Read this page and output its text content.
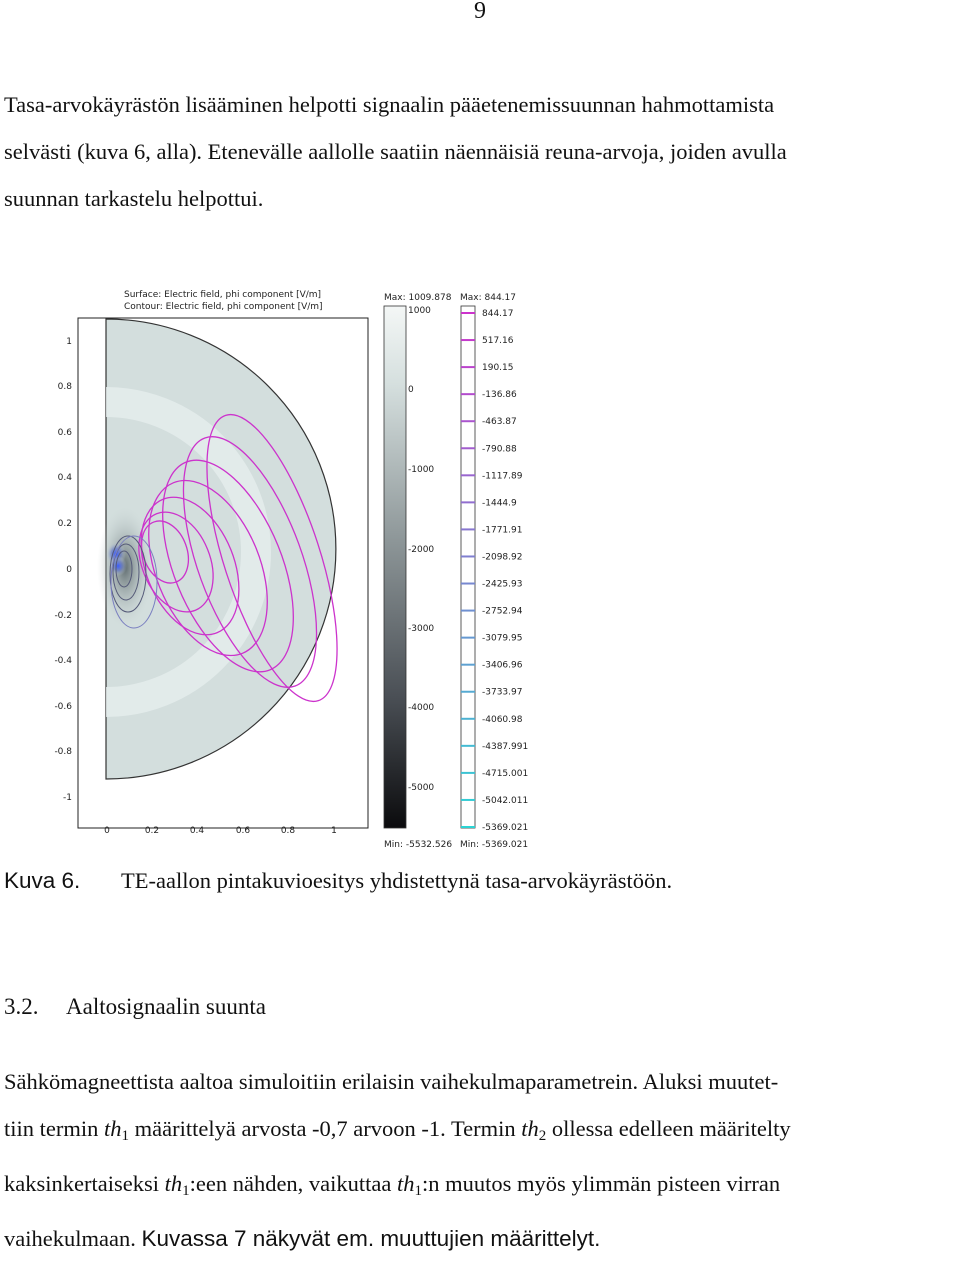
9

Tasa-arvokäyrästön lisääminen helpotti signaalin pääetenemissuunnan hahmottamista

selvästi (kuva 6, alla). Etenevälle aallolle saatiin näennäisiä reuna-arvoja, joiden avulla

suunnan tarkastelu helpottui.

Surface: Electric field, phi component [V/m]
Contour: Electric field, phi component [V/m]
1
0.8
0.6
0.4
0.2
0
-0.2
-0.4
-0.6
-0.8
-1
0	0.2	0.4	0.6	0.8	1
Max: 1009.878
1000
0
-1000
-2000
-3000
-4000
-5000
Min: -5532.526
Max: 844.17
844.17
517.16
190.15
-136.86
-463.87
-790.88
-1117.89
-1444.9
-1771.91
-2098.92
-2425.93
-2752.94
-3079.95
-3406.96
-3733.97
-4060.98
-4387.991
-4715.001
-5042.011
-5369.021
Min: -5369.021
Kuva 6. TE-aallon pintakuvioesitys yhdistettynä tasa-arvokäyrästöön.
3.2. Aaltosignaalin suunta

Sähkömagneettista aaltoa simuloitiin erilaisin vaihekulmaparametrein. Aluksi muutet-

tiin termin $th_1$ määrittelyä arvosta -0,7 arvoon -1. Termin $th_2$ ollessa edelleen määritelty

kaksinkertaiseksi $th_1:een$ nähden, vaikuttaa $th_1:n$ muutos myös ylimmän pisteen virran

vaihekulmaan. Kuvassa 7 näkyvät em. muuttujien määrittelyt.
